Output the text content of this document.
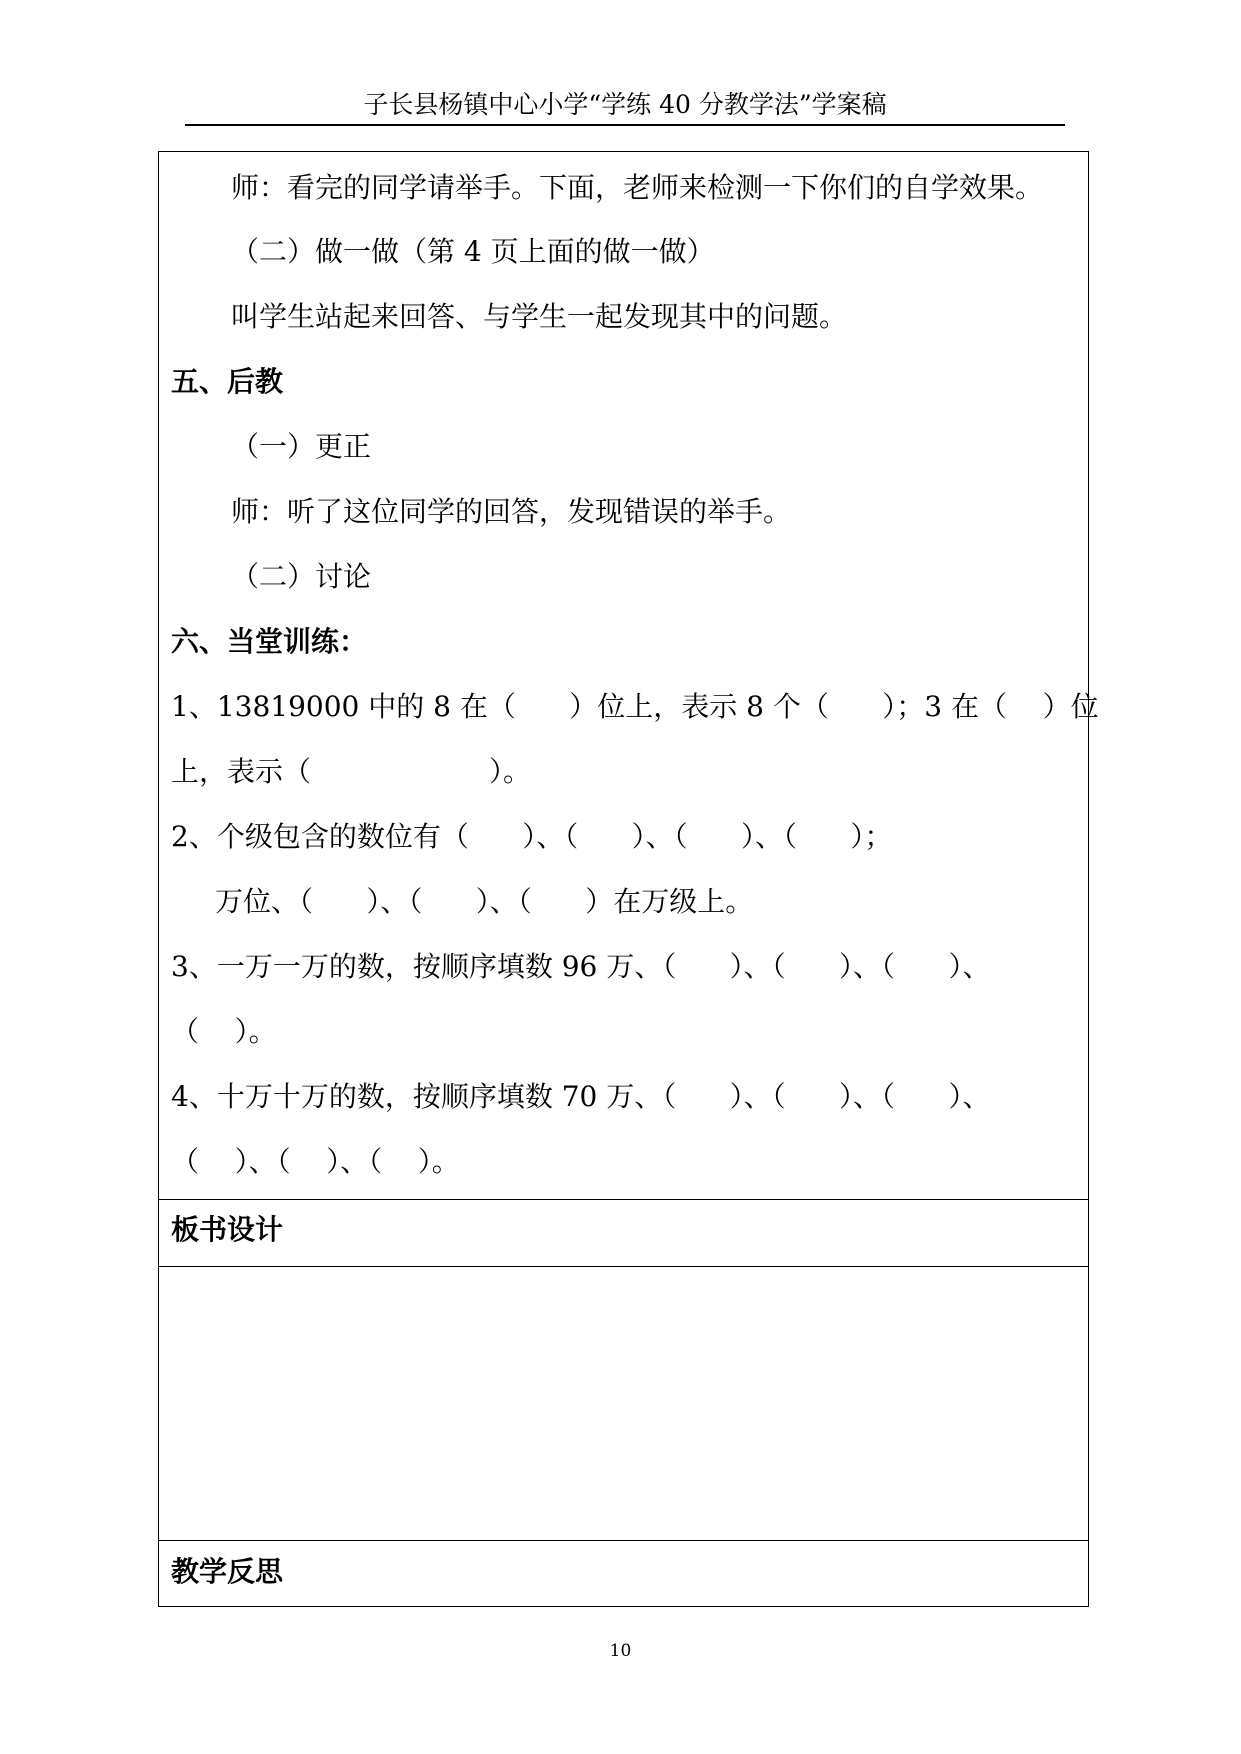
子长县杨镇中心小学“学练 40 分教学法”学案稿
师：看完的同学请举手。下面，老师来检测一下你们的自学效果。
（二）做一做（第 4 页上面的做一做）
叫学生站起来回答、与学生一起发现其中的问题。
五、后教
（一）更正
师：听了这位同学的回答，发现错误的举手。
（二）讨论
六、当堂训练：
1、13819000 中的 8 在（      ）位上，表示 8 个（      ）；3 在（    ）位
上，表示（                    ）。
2、个级包含的数位有（      ）、（      ）、（      ）、（      ）；
万位、（      ）、（      ）、（      ）在万级上。
3、一万一万的数，按顺序填数 96 万、（      ）、（      ）、（      ）、
（    ）。
4、十万十万的数，按顺序填数 70 万、（      ）、（      ）、（      ）、
（    ）、（    ）、（    ）。
板书设计
教学反思
10
